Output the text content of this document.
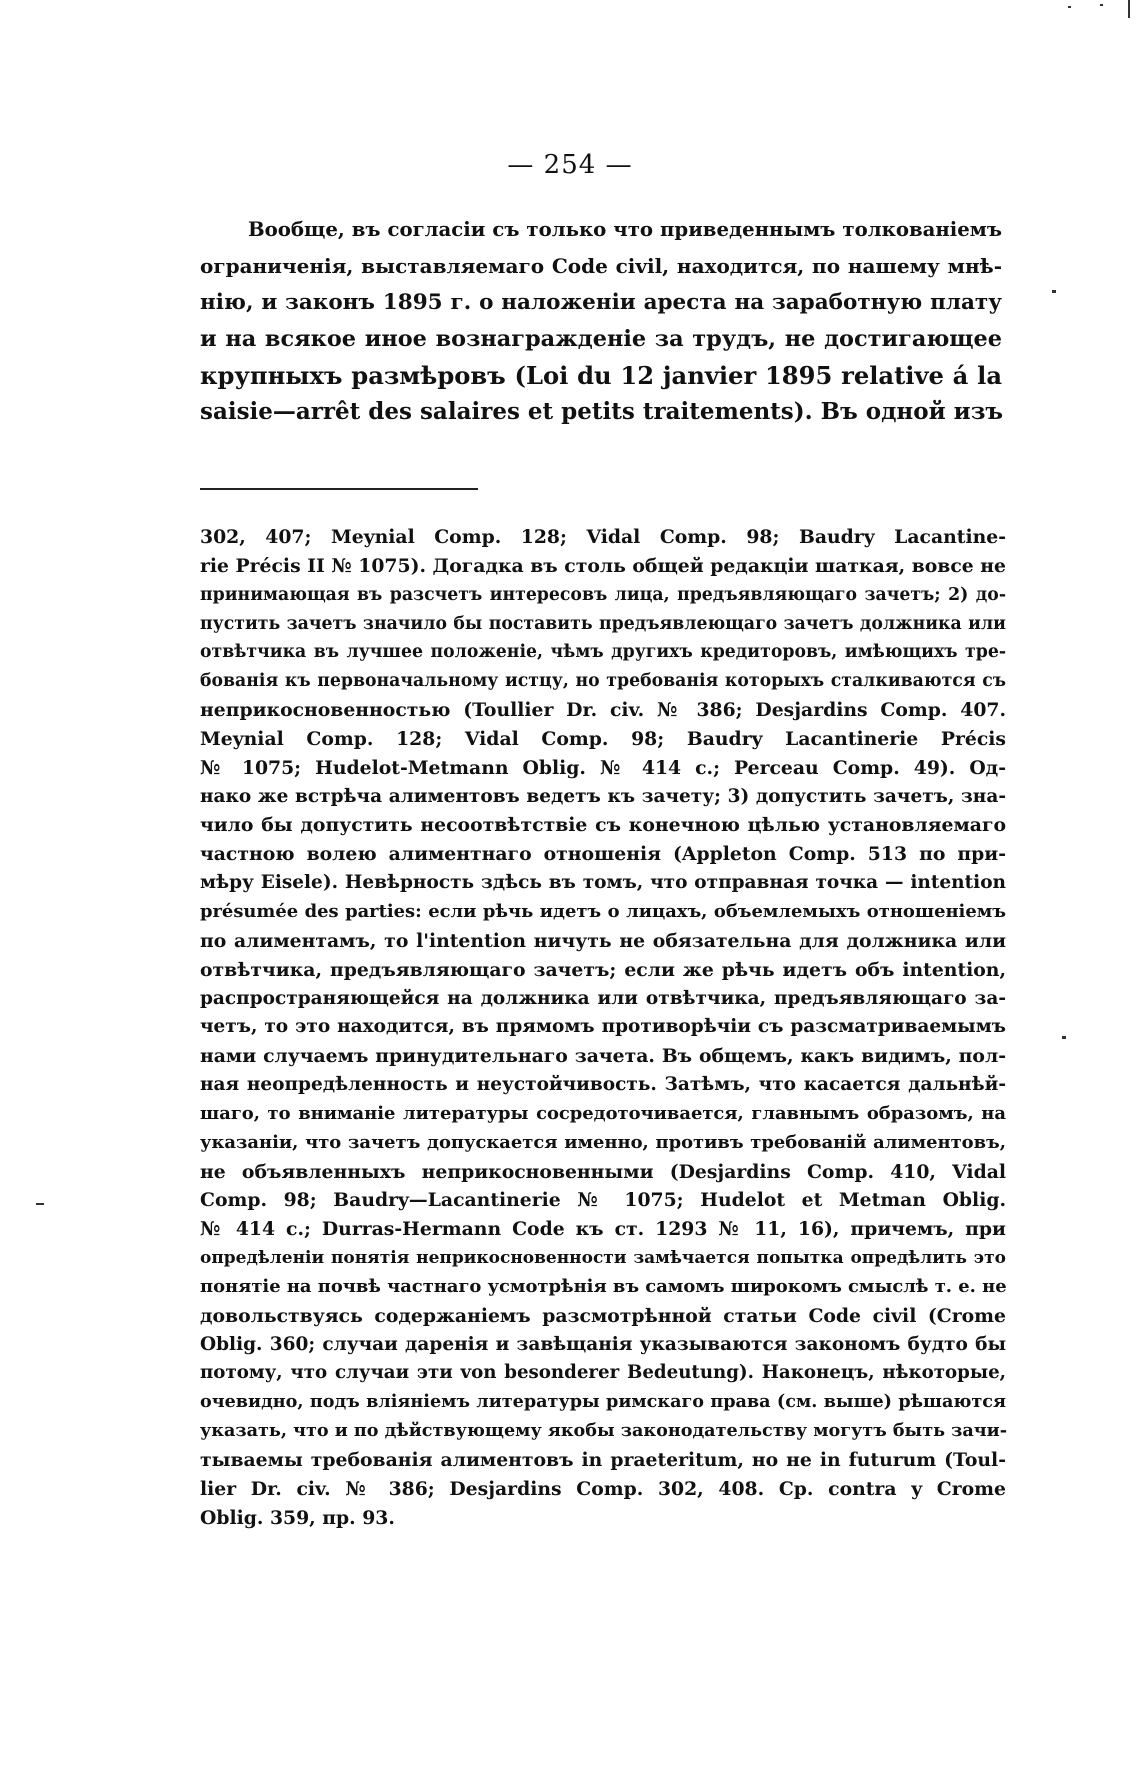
— 254 —

Вообще, въ согласіи съ только что приведеннымъ толкованіемъ
ограниченія, выставляемаго Code civil, находится, по нашему мнѣ-
нію, и законъ 1895 г. о наложеніи ареста на заработную плату
и на всякое иное вознагражденіе за трудъ, не достигающее
крупныхъ размѣровъ (Loi du 12 janvier 1895 relative á la
saisie—arrêt des salaires et petits traitements). Въ одной изъ

302, 407; Meynial Comp. 128; Vidal Comp. 98; Baudry Lacantine-
rie Précis II № 1075). Догадка въ столь общей редакціи шаткая, вовсе не
принимающая въ разсчетъ интересовъ лица, предъявляющаго зачетъ; 2) до-
пустить зачетъ значило бы поставить предъявлеющаго зачетъ должника или
отвѣтчика въ лучшее положеніе, чѣмъ другихъ кредиторовъ, имѣющихъ тре-
бованія къ первоначальному истцу, но требованія которыхъ сталкиваются съ
неприкосновенностью (Toullier Dr. civ. № 386; Desjardins Comp. 407.
Meynial Comp. 128; Vidal Comp. 98; Baudry Lacantinerie Précis
№ 1075; Hudelot-Metmann Oblig. № 414 c.; Perceau Comp. 49). Од-
нако же встрѣча алиментовъ ведетъ къ зачету; 3) допустить зачетъ, зна-
чило бы допустить несоотвѣтствіе съ конечною цѣлью установляемаго
частною волею алиментнаго отношенія (Appleton Comp. 513 по при-
мѣру Eisele). Невѣрность здѣсь въ томъ, что отправная точка — intention
présumée des parties: если рѣчь идетъ о лицахъ, объемлемыхъ отношеніемъ
по алиментамъ, то l'intention ничуть не обязательна для должника или
отвѣтчика, предъявляющаго зачетъ; если же рѣчь идетъ объ intention,
распространяющейся на должника или отвѣтчика, предъявляющаго за-
четъ, то это находится, въ прямомъ противорѣчіи съ разсматриваемымъ
нами случаемъ принудительнаго зачета. Въ общемъ, какъ видимъ, пол-
ная неопредѣленность и неустойчивость. Затѣмъ, что касается дальнѣй-
шаго, то вниманіе литературы сосредоточивается, главнымъ образомъ, на
указаніи, что зачетъ допускается именно, противъ требованій алиментовъ,
не объявленныхъ неприкосновенными (Desjardins Comp. 410, Vidal
Comp. 98; Baudry—Lacantinerie № 1075; Hudelot et Metman Oblig.
№ 414 c.; Durras-Hermann Code къ ст. 1293 № 11, 16), причемъ, при
опредѣленіи понятія неприкосновенности замѣчается попытка опредѣлить это
понятіе на почвѣ частнаго усмотрѣнія въ самомъ широкомъ смыслѣ т. е. не
довольствуясь содержаніемъ разсмотрѣнной статьи Code civil (Crome
Oblig. 360; случаи даренія и завѣщанія указываются закономъ будто бы
потому, что случаи эти von besonderer Bedeutung). Наконецъ, нѣкоторые,
очевидно, подъ вліяніемъ литературы римскаго права (см. выше) рѣшаются
указать, что и по дѣйствующему якобы законодательству могутъ быть зачи-
тываемы требованія алиментовъ in praeteritum, но не in futurum (Toul-
lier Dr. civ. № 386; Desjardins Comp. 302, 408. Ср. contra y Crome
Oblig. 359, пр. 93.
